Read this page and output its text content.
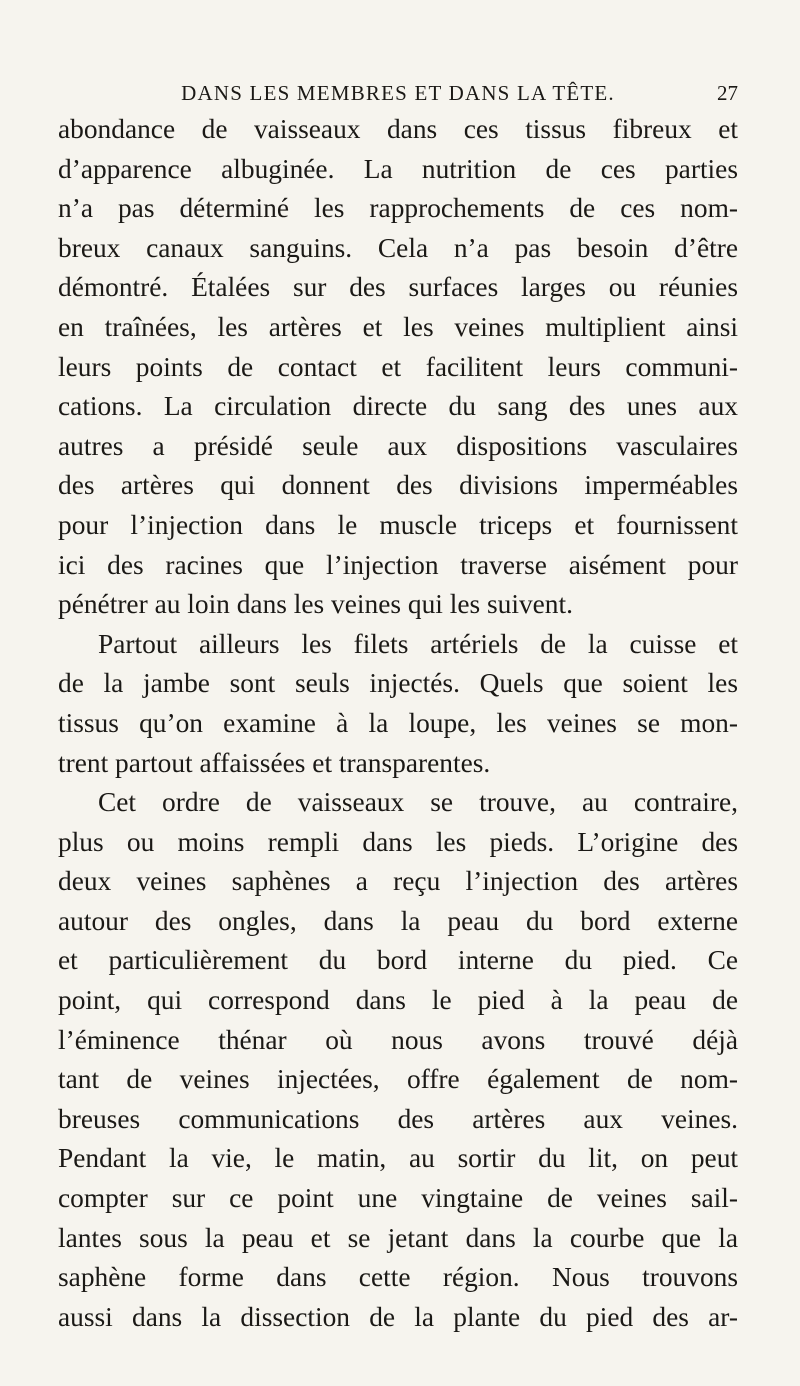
DANS LES MEMBRES ET DANS LA TÊTE.	27
abondance de vaisseaux dans ces tissus fibreux et
d’apparence albuginée. La nutrition de ces parties
n’a pas déterminé les rapprochements de ces nom-
breux canaux sanguins. Cela n’a pas besoin d’être
démontré. Étalées sur des surfaces larges ou réunies
en traînées, les artères et les veines multiplient ainsi
leurs points de contact et facilitent leurs communi-
cations. La circulation directe du sang des unes aux
autres a présidé seule aux dispositions vasculaires
des artères qui donnent des divisions imperméables
pour l’injection dans le muscle triceps et fournissent
ici des racines que l’injection traverse aisément pour
pénétrer au loin dans les veines qui les suivent.
Partout ailleurs les filets artériels de la cuisse et
de la jambe sont seuls injectés. Quels que soient les
tissus qu’on examine à la loupe, les veines se mon-
trent partout affaissées et transparentes.
Cet ordre de vaisseaux se trouve, au contraire,
plus ou moins rempli dans les pieds. L’origine des
deux veines saphènes a reçu l’injection des artères
autour des ongles, dans la peau du bord externe
et particulièrement du bord interne du pied. Ce
point, qui correspond dans le pied à la peau de
l’éminence thénar où nous avons trouvé déjà
tant de veines injectées, offre également de nom-
breuses communications des artères aux veines.
Pendant la vie, le matin, au sortir du lit, on peut
compter sur ce point une vingtaine de veines sail-
lantes sous la peau et se jetant dans la courbe que la
saphène forme dans cette région. Nous trouvons
aussi dans la dissection de la plante du pied des ar-
